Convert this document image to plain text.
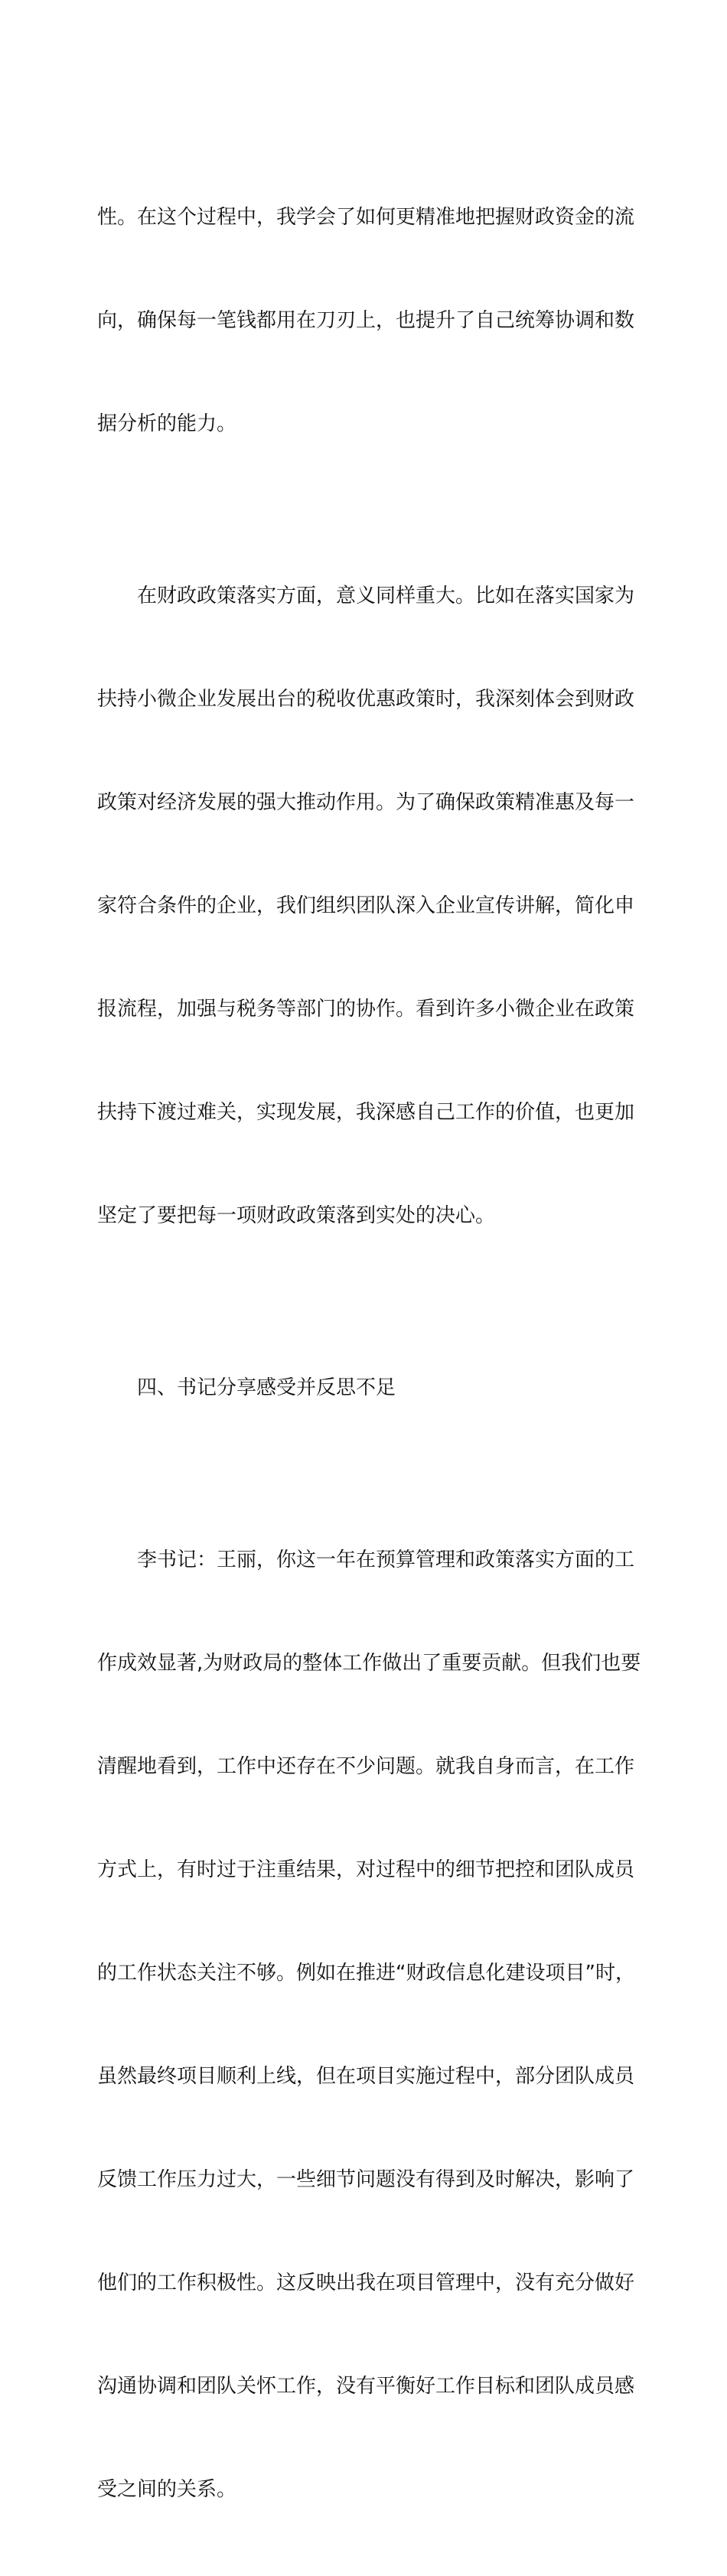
性。在这个过程中，我学会了如何更精准地把握财政资金的流

向，确保每一笔钱都用在刀刃上，也提升了自己统筹协调和数

据分析的能力。

　　在财政政策落实方面，意义同样重大。比如在落实国家为

扶持小微企业发展出台的税收优惠政策时，我深刻体会到财政

政策对经济发展的强大推动作用。为了确保政策精准惠及每一

家符合条件的企业，我们组织团队深入企业宣传讲解，简化申

报流程，加强与税务等部门的协作。看到许多小微企业在政策

扶持下渡过难关，实现发展，我深感自己工作的价值，也更加

坚定了要把每一项财政政策落到实处的决心。

　　四、书记分享感受并反思不足

　　李书记：王丽，你这一年在预算管理和政策落实方面的工

作成效显著,为财政局的整体工作做出了重要贡献。但我们也要

清醒地看到，工作中还存在不少问题。就我自身而言，在工作

方式上，有时过于注重结果，对过程中的细节把控和团队成员

的工作状态关注不够。例如在推进“财政信息化建设项目”时，

虽然最终项目顺利上线，但在项目实施过程中，部分团队成员

反馈工作压力过大，一些细节问题没有得到及时解决，影响了

他们的工作积极性。这反映出我在项目管理中，没有充分做好

沟通协调和团队关怀工作，没有平衡好工作目标和团队成员感

受之间的关系。
